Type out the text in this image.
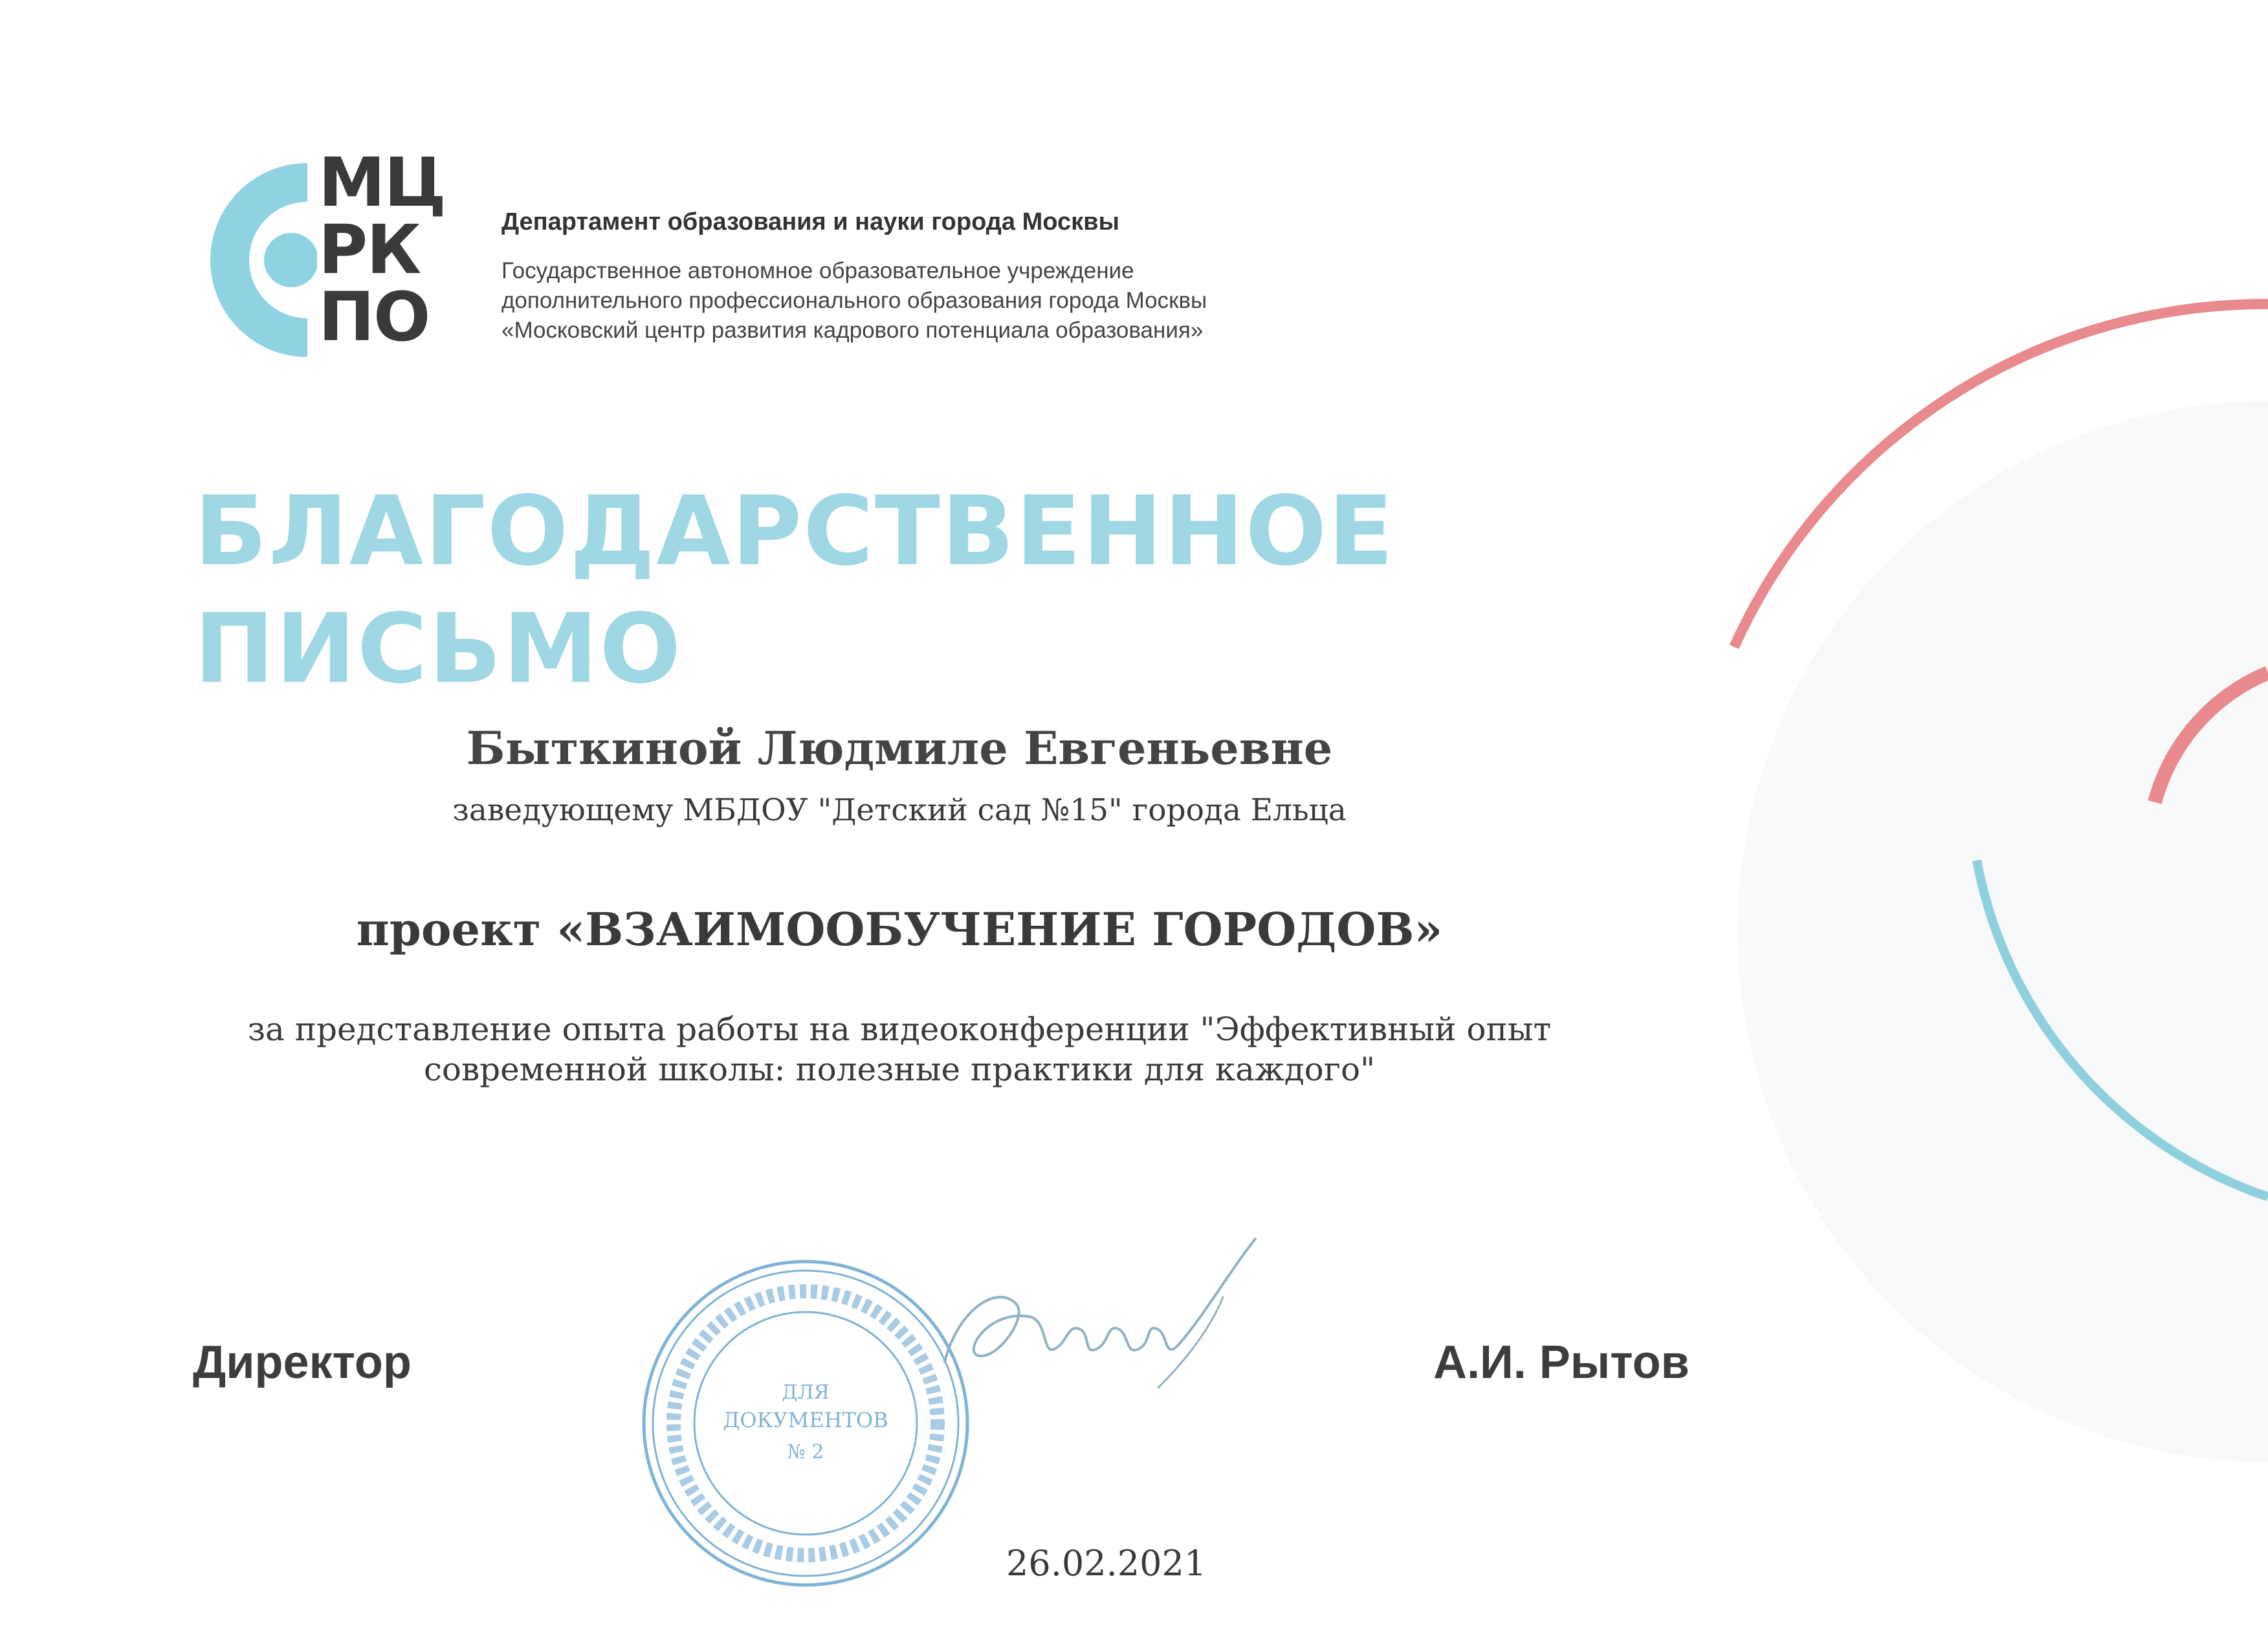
МЦ
РК
ПО
Департамент образования и науки города Москвы
Государственное автономное образовательное учреждение
дополнительного профессионального образования города Москвы
«Московский центр развития кадрового потенциала образования»
БЛАГОДАРСТВЕННОЕ
ПИСЬМО
Быткиной Людмиле Евгеньевне
заведующему МБДОУ "Детский сад №15" города Ельца
проект «ВЗАИМООБУЧЕНИЕ ГОРОДОВ»
за представление опыта работы на видеоконференции "Эффективный опыт
современной школы: полезные практики для каждого"
Директор
ДЛЯ
ДОКУМЕНТОВ
№ 2
А.И. Рытов
26.02.2021
